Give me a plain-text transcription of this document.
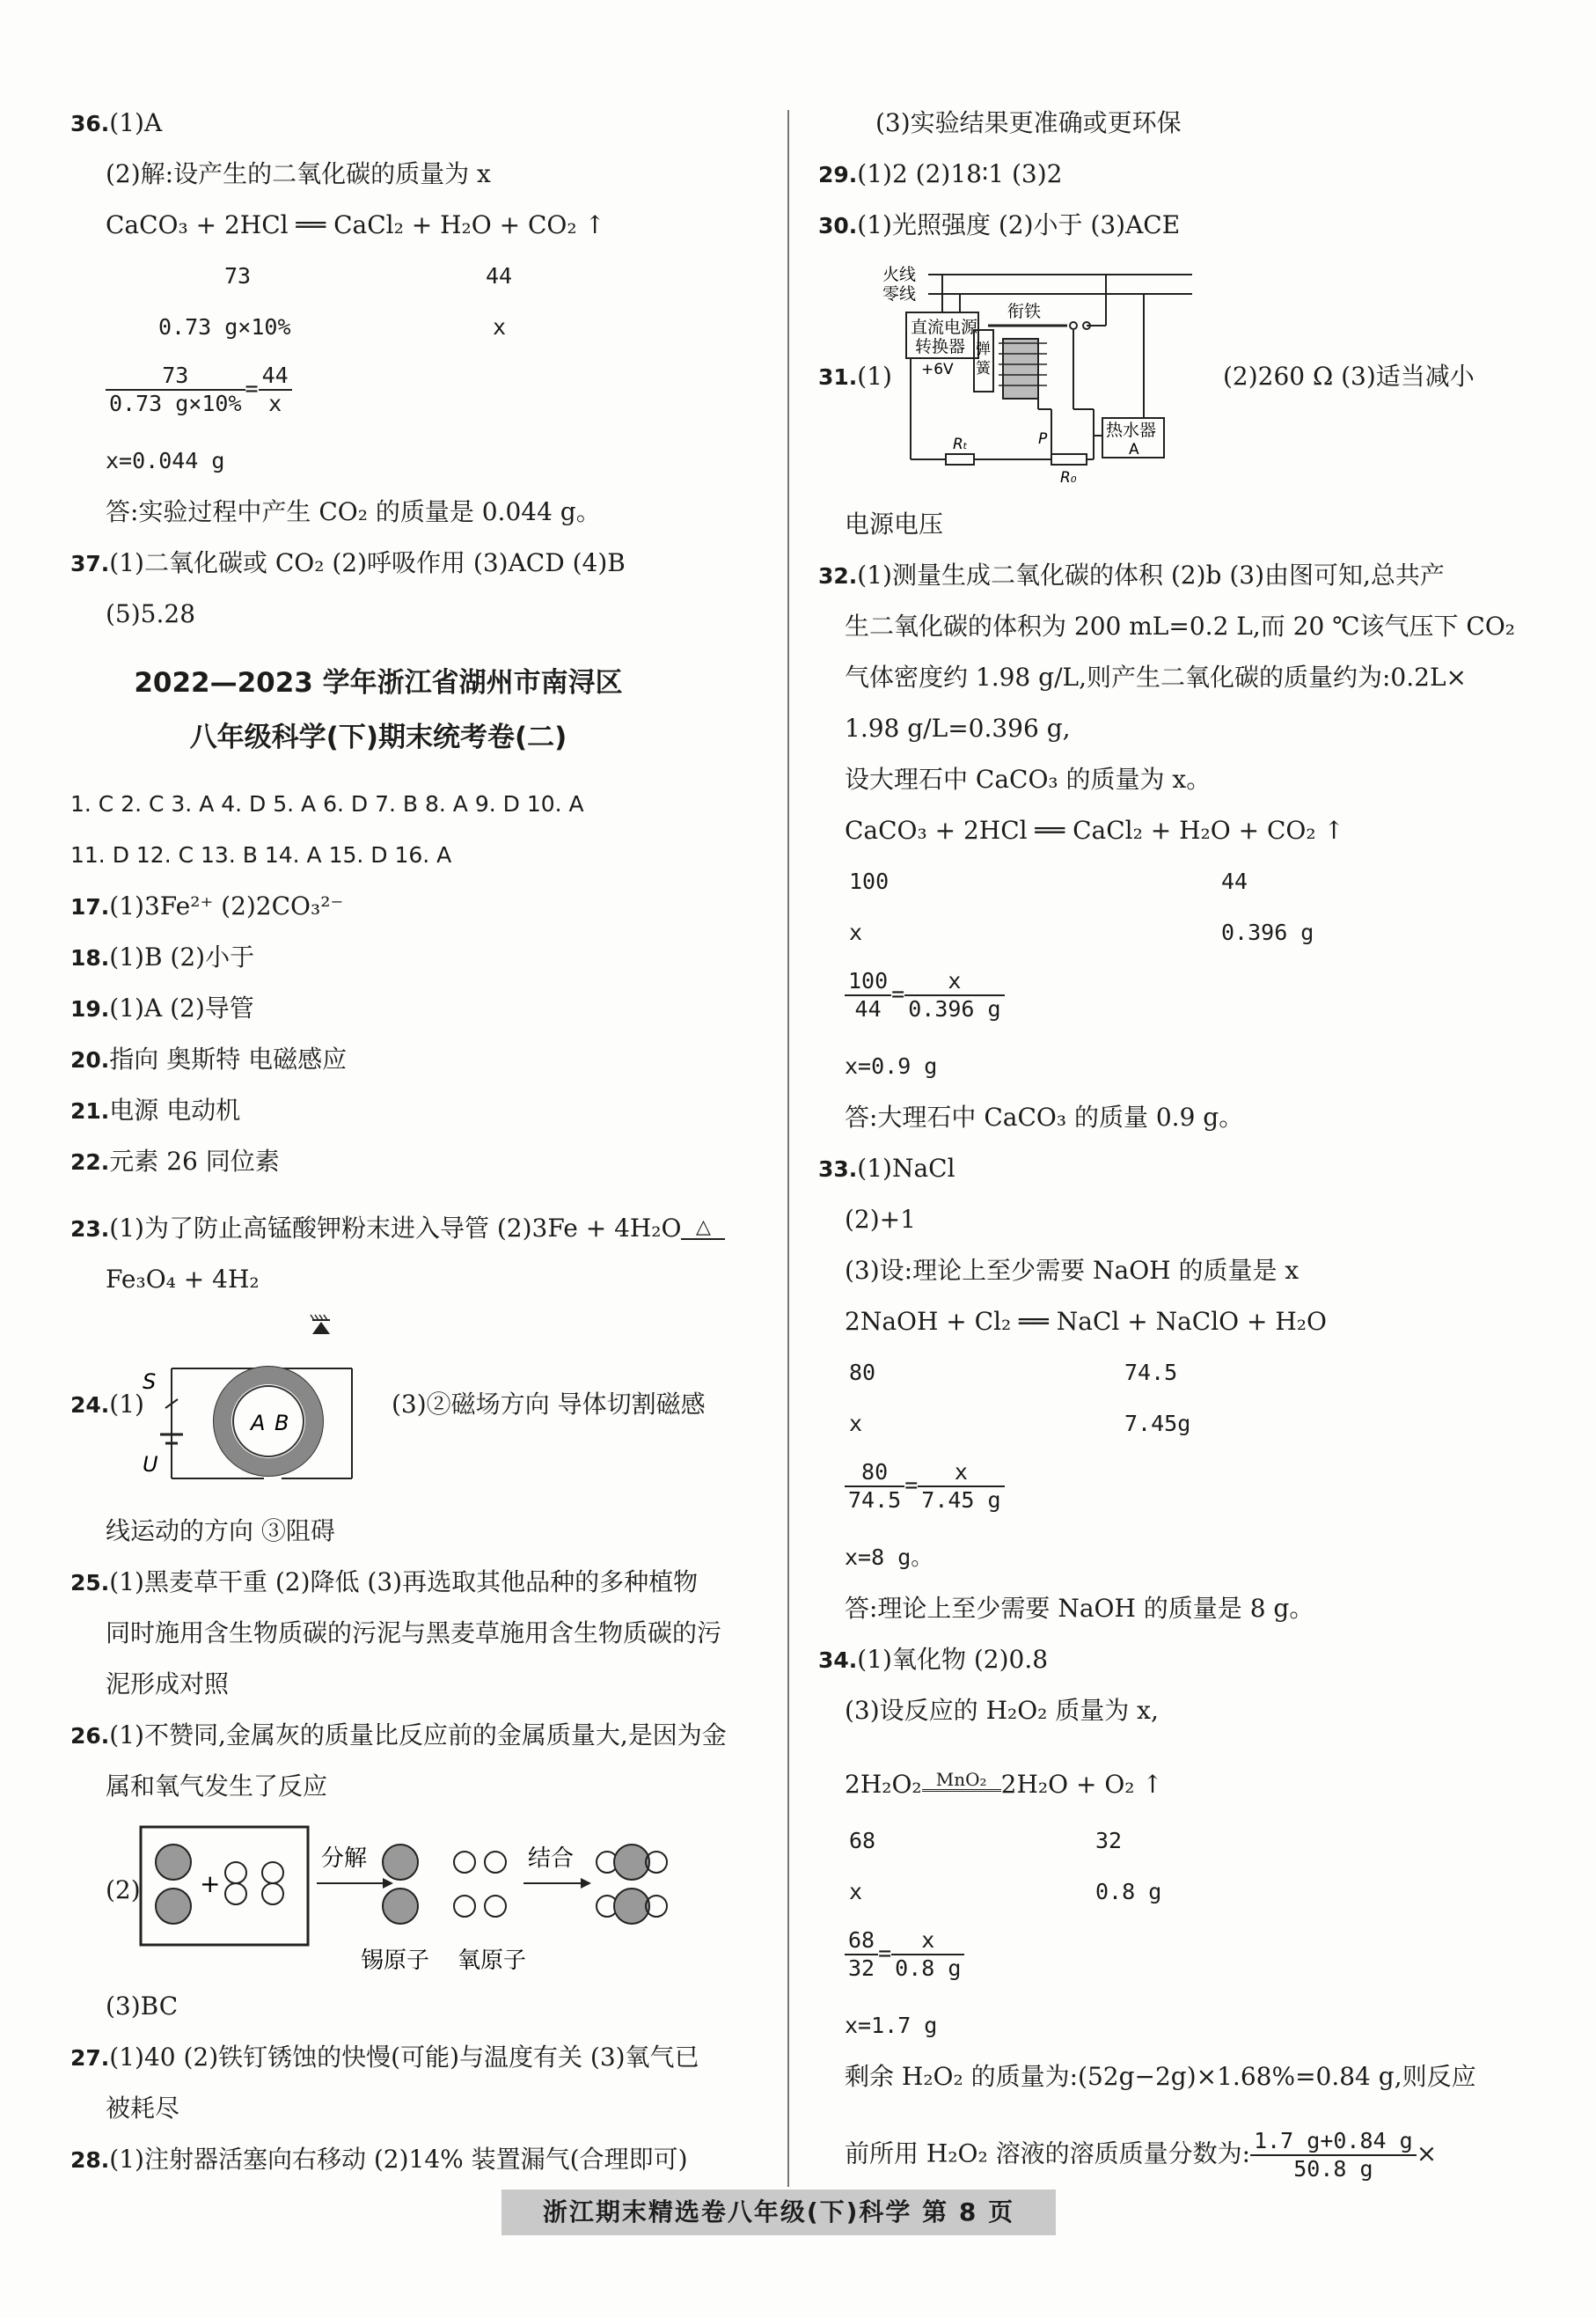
36.(1)A
(2)解:设产生的二氧化碳的质量为 x
CaCO₃ + 2HCl ══ CaCl₂ + H₂O + CO₂ ↑
73	44
0.73 g×10%	x
$\frac{73}{0.73 g\times 10\%} = \frac{44}{x}$
x=0.044 g
答:实验过程中产生 CO₂ 的质量是 0.044 g。
37.(1)二氧化碳或 CO₂ (2)呼吸作用 (3)ACD (4)B
(5)5.28
2022—2023 学年浙江省湖州市南浔区
八年级科学(下)期末统考卷(二)
1. C 2. C 3. A 4. D 5. A 6. D 7. B 8. A 9. D 10. A
11. D 12. C 13. B 14. A 15. D 16. A
17.(1)3Fe²⁺ (2)2CO₃²⁻
18.(1)B (2)小于
19.(1)A (2)导管
20.指向 奥斯特 电磁感应
21.电源 电动机
22.元素 26 同位素
23.(1)为了防止高锰酸钾粉末进入导管 (2)3Fe + 4H₂O △
Fe₃O₄ + 4H₂
24.(1)
S
U
A B
(3)②磁场方向 导体切割磁感
线运动的方向 ③阻碍
25.(1)黑麦草干重 (2)降低 (3)再选取其他品种的多种植物
同时施用含生物质碳的污泥与黑麦草施用含生物质碳的污
泥形成对照
26.(1)不赞同,金属灰的质量比反应前的金属质量大,是因为金
属和氧气发生了反应
(2) +
分解	结合
锡原子 氧原子
(3)BC
27.(1)40 (2)铁钉锈蚀的快慢(可能)与温度有关 (3)氧气已
被耗尽
28.(1)注射器活塞向右移动 (2)14% 装置漏气(合理即可)
(3)实验结果更准确或更环保
29.(1)2 (2)18∶1 (3)2
30.(1)光照强度 (2)小于 (3)ACE
31.(1)
火线
零线
直流电源
转换器
+6V
弹
簧
衔铁
热水器
A
Rₜ	P
R₀
(2)260 Ω (3)适当减小
电源电压
32.(1)测量生成二氧化碳的体积 (2)b (3)由图可知,总共产
生二氧化碳的体积为 200 mL=0.2 L,而 20 ℃该气压下 CO₂
气体密度约 1.98 g/L,则产生二氧化碳的质量约为:0.2L×
1.98 g/L=0.396 g,
设大理石中 CaCO₃ 的质量为 x。
CaCO₃ + 2HCl ══ CaCl₂ + H₂O + CO₂ ↑
100	44
x	0.396 g
$\frac{100}{44} = \frac{x}{0.396 g}$
x=0.9 g
答:大理石中 CaCO₃ 的质量 0.9 g。
33.(1)NaCl
(2)+1
(3)设:理论上至少需要 NaOH 的质量是 x
2NaOH + Cl₂ ══ NaCl + NaClO + H₂O
80	74.5
x	7.45g
$\frac{80}{74.5} = \frac{x}{7.45 g}$
x=8 g。
答:理论上至少需要 NaOH 的质量是 8 g。
34.(1)氧化物 (2)0.8
(3)设反应的 H₂O₂ 质量为 x,
2H₂O₂ MnO₂ 2H₂O + O₂ ↑
68	32
x	0.8 g
$\frac{68}{32} = \frac{x}{0.8 g}$
x=1.7 g
剩余 H₂O₂ 的质量为:(52g−2g)×1.68%=0.84 g,则反应
前所用 H₂O₂ 溶液的溶质质量分数为: $\frac{1.7 g+0.84 g}{50.8 g}$ ×
浙江期末精选卷八年级(下)科学 第 8 页
